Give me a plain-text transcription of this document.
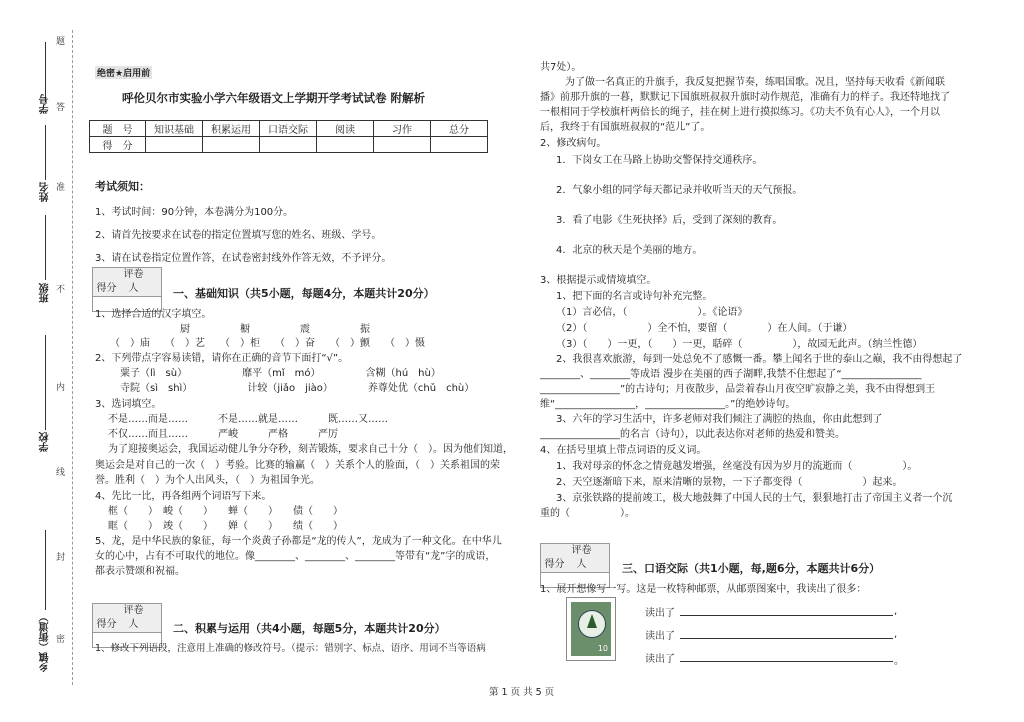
学号
姓名
班级
学校
乡镇（街道）
题
答
准
不
内
线
封
密
绝密★启用前
呼伦贝尔市实验小学六年级语文上学期开学考试试卷 附解析
题　号	知识基础	积累运用	口语交际	阅读	习作	总分
得　分						
考试须知：
1、考试时间：90分钟，本卷满分为100分。
2、请首先按要求在试卷的指定位置填写您的姓名、班级、学号。
3、请在试卷指定位置作答，在试卷密封线外作答无效，不予评分。
得分评卷人	一、基础知识（共5小题，每题4分，本题共计20分）
1、选择合适的汉字填空。
厨　　　　　橱　　　　　震　　　　　振
（　）庙　　（　）艺　　（　）柜　　（　）奋　　（　）颤　　（　）慑
2、下列带点字容易读错，请你在正确的音节下面打“√”。
粟子（lì　sù）　　　　　　靡平（mǐ　mó）　　　　　含糊（hú　hù）
寺院（sì　shì）　　　　　　计较（jiǎo　jiào）　　　　养尊处优（chǔ　chù）
3、选词填空。
不是……而是……　　　不是……就是……　　　既……又……
不仅……而且……　　　严峻　　　严格　　　严厉
为了迎接奥运会，我国运动健儿争分夺秒，刻苦锻炼，要求自己十分（　）。因为他们知道，
奥运会是对自己的一次（　）考验。比赛的输赢（　）关系个人的脸面，（　）关系祖国的荣
誉。胜利（　）为个人出风头，（　）为祖国争光。
4、先比一比，再各组两个词语写下来。
框（　　）　峻（　　）　　蝉（　　）　　债（　　）
眶（　　）　竣（　　）　　婵（　　）　　绩（　　）
5、龙，是中华民族的象征，每一个炎黄子孙都是“龙的传人”，龙成为了一种文化。在中华儿
女的心中，占有不可取代的地位。像________、________、________等带有“龙”字的成语，
都表示赞颂和祝福。
得分评卷人	二、积累与运用（共4小题，每题5分，本题共计20分）
1、修改下列语段，注意用上准确的修改符号。（提示：错别字、标点、语序、用词不当等语病
共7处）。
为了做一名真正的升旗手，我反复把握节奏，练唱国歌。况且，坚持每天收看《新闻联
播》前那升旗的一暮，默默记下国旗班叔叔升旗时动作规范，准确有力的样子。我还特地找了
一根相同于学校旗杆两倍长的绳子，挂在树上进行摸拟练习。《功夫不负有心人》，一个月以
后，我终于有国旗班叔叔的“范儿”了。
2、修改病句。
1．下岗女工在马路上协助交警保持交通秩序。
2．气象小组的同学每天都记录并收听当天的天气预报。
3．看了电影《生死抉择》后，受到了深刻的教育。
4．北京的秋天是个美丽的地方。
3、根据提示或情境填空。
1、把下面的名言或诗句补充完整。
（1）言必信，（　　　　　　　）。《论语》
（2）（　　　　　　）全不怕，要留（　　　　）在人间。（于谦）
（3）（　　）一更，（　　）一更，聒碎（　　　　　），故园无此声。（纳兰性德）
2、我很喜欢旅游，每到一处总免不了感慨一番。攀上闻名于世的泰山之巅，我不由得想起了
________、________等成语 漫步在美丽的西子湖畔,我禁不住想起了“________________
________________”的古诗句；月夜散步，品尝着春山月夜空旷寂静之美，我不由得想到王
维“________________，________________。”的绝妙诗句。
3、六年的学习生活中，许多老师对我们倾注了满腔的热血，你由此想到了
________________的名言（诗句），以此表达你对老师的热爱和赞美。
4、在括号里填上带点词语的反义词。
1、我对母亲的怀念之情竟越发增强，丝毫没有因为岁月的流逝而（　　　　　）。
2、天空逐渐暗下来，原来清晰的景物，一下子都变得（　　　　　　）起来。
3、京张铁路的提前竣工，极大地鼓舞了中国人民的士气，狠狠地打击了帝国主义者一个沉
重的（　　　　　）。
得分评卷人	三、口语交际（共1小题，每,题6分，本题共计6分）
1、展开想像写一写。这是一枚特种邮票，从邮票图案中，我读出了很多：
10
读出了	,
读出了	,
读出了	。
第 1 页 共 5 页
